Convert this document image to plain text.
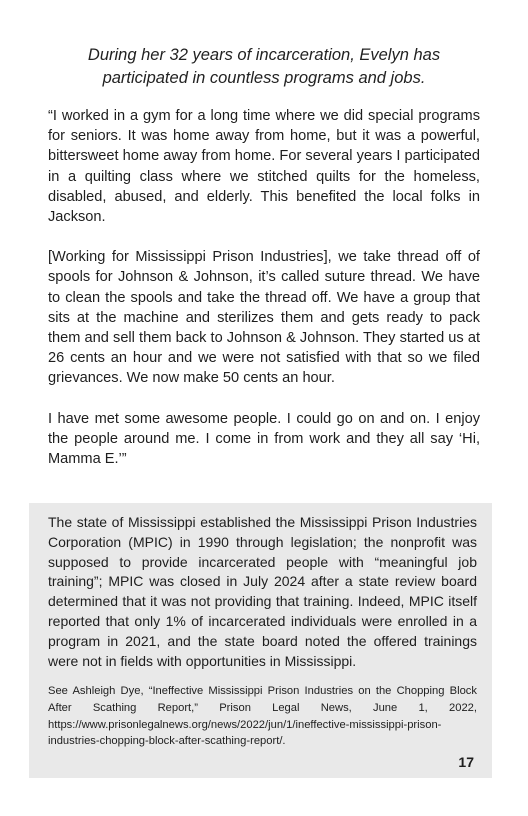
During her 32 years of incarceration, Evelyn has participated in countless programs and jobs.

“I worked in a gym for a long time where we did special programs for seniors. It was home away from home, but it was a powerful, bittersweet home away from home. For several years I participated in a quilting class where we stitched quilts for the homeless, disabled, abused, and elderly. This benefited the local folks in Jackson.

[Working for Mississippi Prison Industries], we take thread off of spools for Johnson & Johnson, it’s called suture thread. We have to clean the spools and take the thread off. We have a group that sits at the machine and sterilizes them and gets ready to pack them and sell them back to Johnson & Johnson. They started us at 26 cents an hour and we were not satisfied with that so we filed grievances. We now make 50 cents an hour.

I have met some awesome people. I could go on and on. I enjoy the people around me. I come in from work and they all say ‘Hi, Mamma E.’”

The state of Mississippi established the Mississippi Prison Industries Corporation (MPIC) in 1990 through legislation; the nonprofit was supposed to provide incarcerated people with “meaningful job training”; MPIC was closed in July 2024 after a state review board determined that it was not providing that training. Indeed, MPIC itself reported that only 1% of incarcerated individuals were enrolled in a program in 2021, and the state board noted the offered trainings were not in fields with opportunities in Mississippi.

See Ashleigh Dye, “Ineffective Mississippi Prison Industries on the Chopping Block After Scathing Report,” Prison Legal News, June 1, 2022, https://www.prisonlegalnews.org/news/2022/jun/1/ineffective-mississippi-prison-industries-chopping-block-after-scathing-report/.

17
